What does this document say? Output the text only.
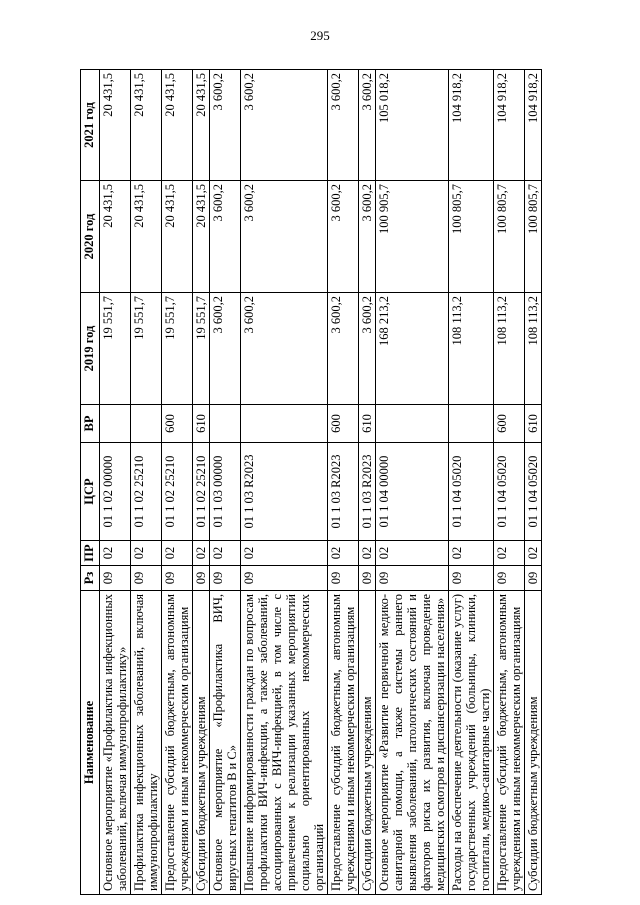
295
Наименование	Рз	ПР	ЦСР	ВР	2019 год	2020 год	2021 год
Основное мероприятие «Профилактика инфекционных заболеваний, включая иммунопрофилактику»	09	02	01 1 02 00000		19 551,7	20 431,5	20 431,5
Профилактика инфекционных заболеваний, включая иммунопрофилактику	09	02	01 1 02 25210		19 551,7	20 431,5	20 431,5
Предоставление субсидий бюджетным, автономным учреждениям и иным некоммерческим организациям	09	02	01 1 02 25210	600	19 551,7	20 431,5	20 431,5
Субсидии бюджетным учреждениям	09	02	01 1 02 25210	610	19 551,7	20 431,5	20 431,5
Основное мероприятие «Профилактика ВИЧ, вирусных гепатитов В и С»	09	02	01 1 03 00000		3 600,2	3 600,2	3 600,2
Повышение информированности граждан по вопросам профилактики ВИЧ-инфекции, а также заболеваний, ассоциированных с ВИЧ-инфекцией, в том числе с привлечением к реализации указанных мероприятий социально ориентированных некоммерческих организаций	09	02	01 1 03 R2023		3 600,2	3 600,2	3 600,2
Предоставление субсидий бюджетным, автономным учреждениям и иным некоммерческим организациям	09	02	01 1 03 R2023	600	3 600,2	3 600,2	3 600,2
Субсидии бюджетным учреждениям	09	02	01 1 03 R2023	610	3 600,2	3 600,2	3 600,2
Основное мероприятие «Развитие первичной медико-санитарной помощи, а также системы раннего выявления заболеваний, патологических состояний и факторов риска их развития, включая проведение медицинских осмотров и диспансеризации населения»	09	02	01 1 04 00000		168 213,2	100 905,7	105 018,2
Расходы на обеспечение деятельности (оказание услуг) государственных учреждений (больницы, клиники, госпитали, медико-санитарные части)	09	02	01 1 04 05020		108 113,2	100 805,7	104 918,2
Предоставление субсидий бюджетным, автономным учреждениям и иным некоммерческим организациям	09	02	01 1 04 05020	600	108 113,2	100 805,7	104 918,2
Субсидии бюджетным учреждениям	09	02	01 1 04 05020	610	108 113,2	100 805,7	104 918,2
